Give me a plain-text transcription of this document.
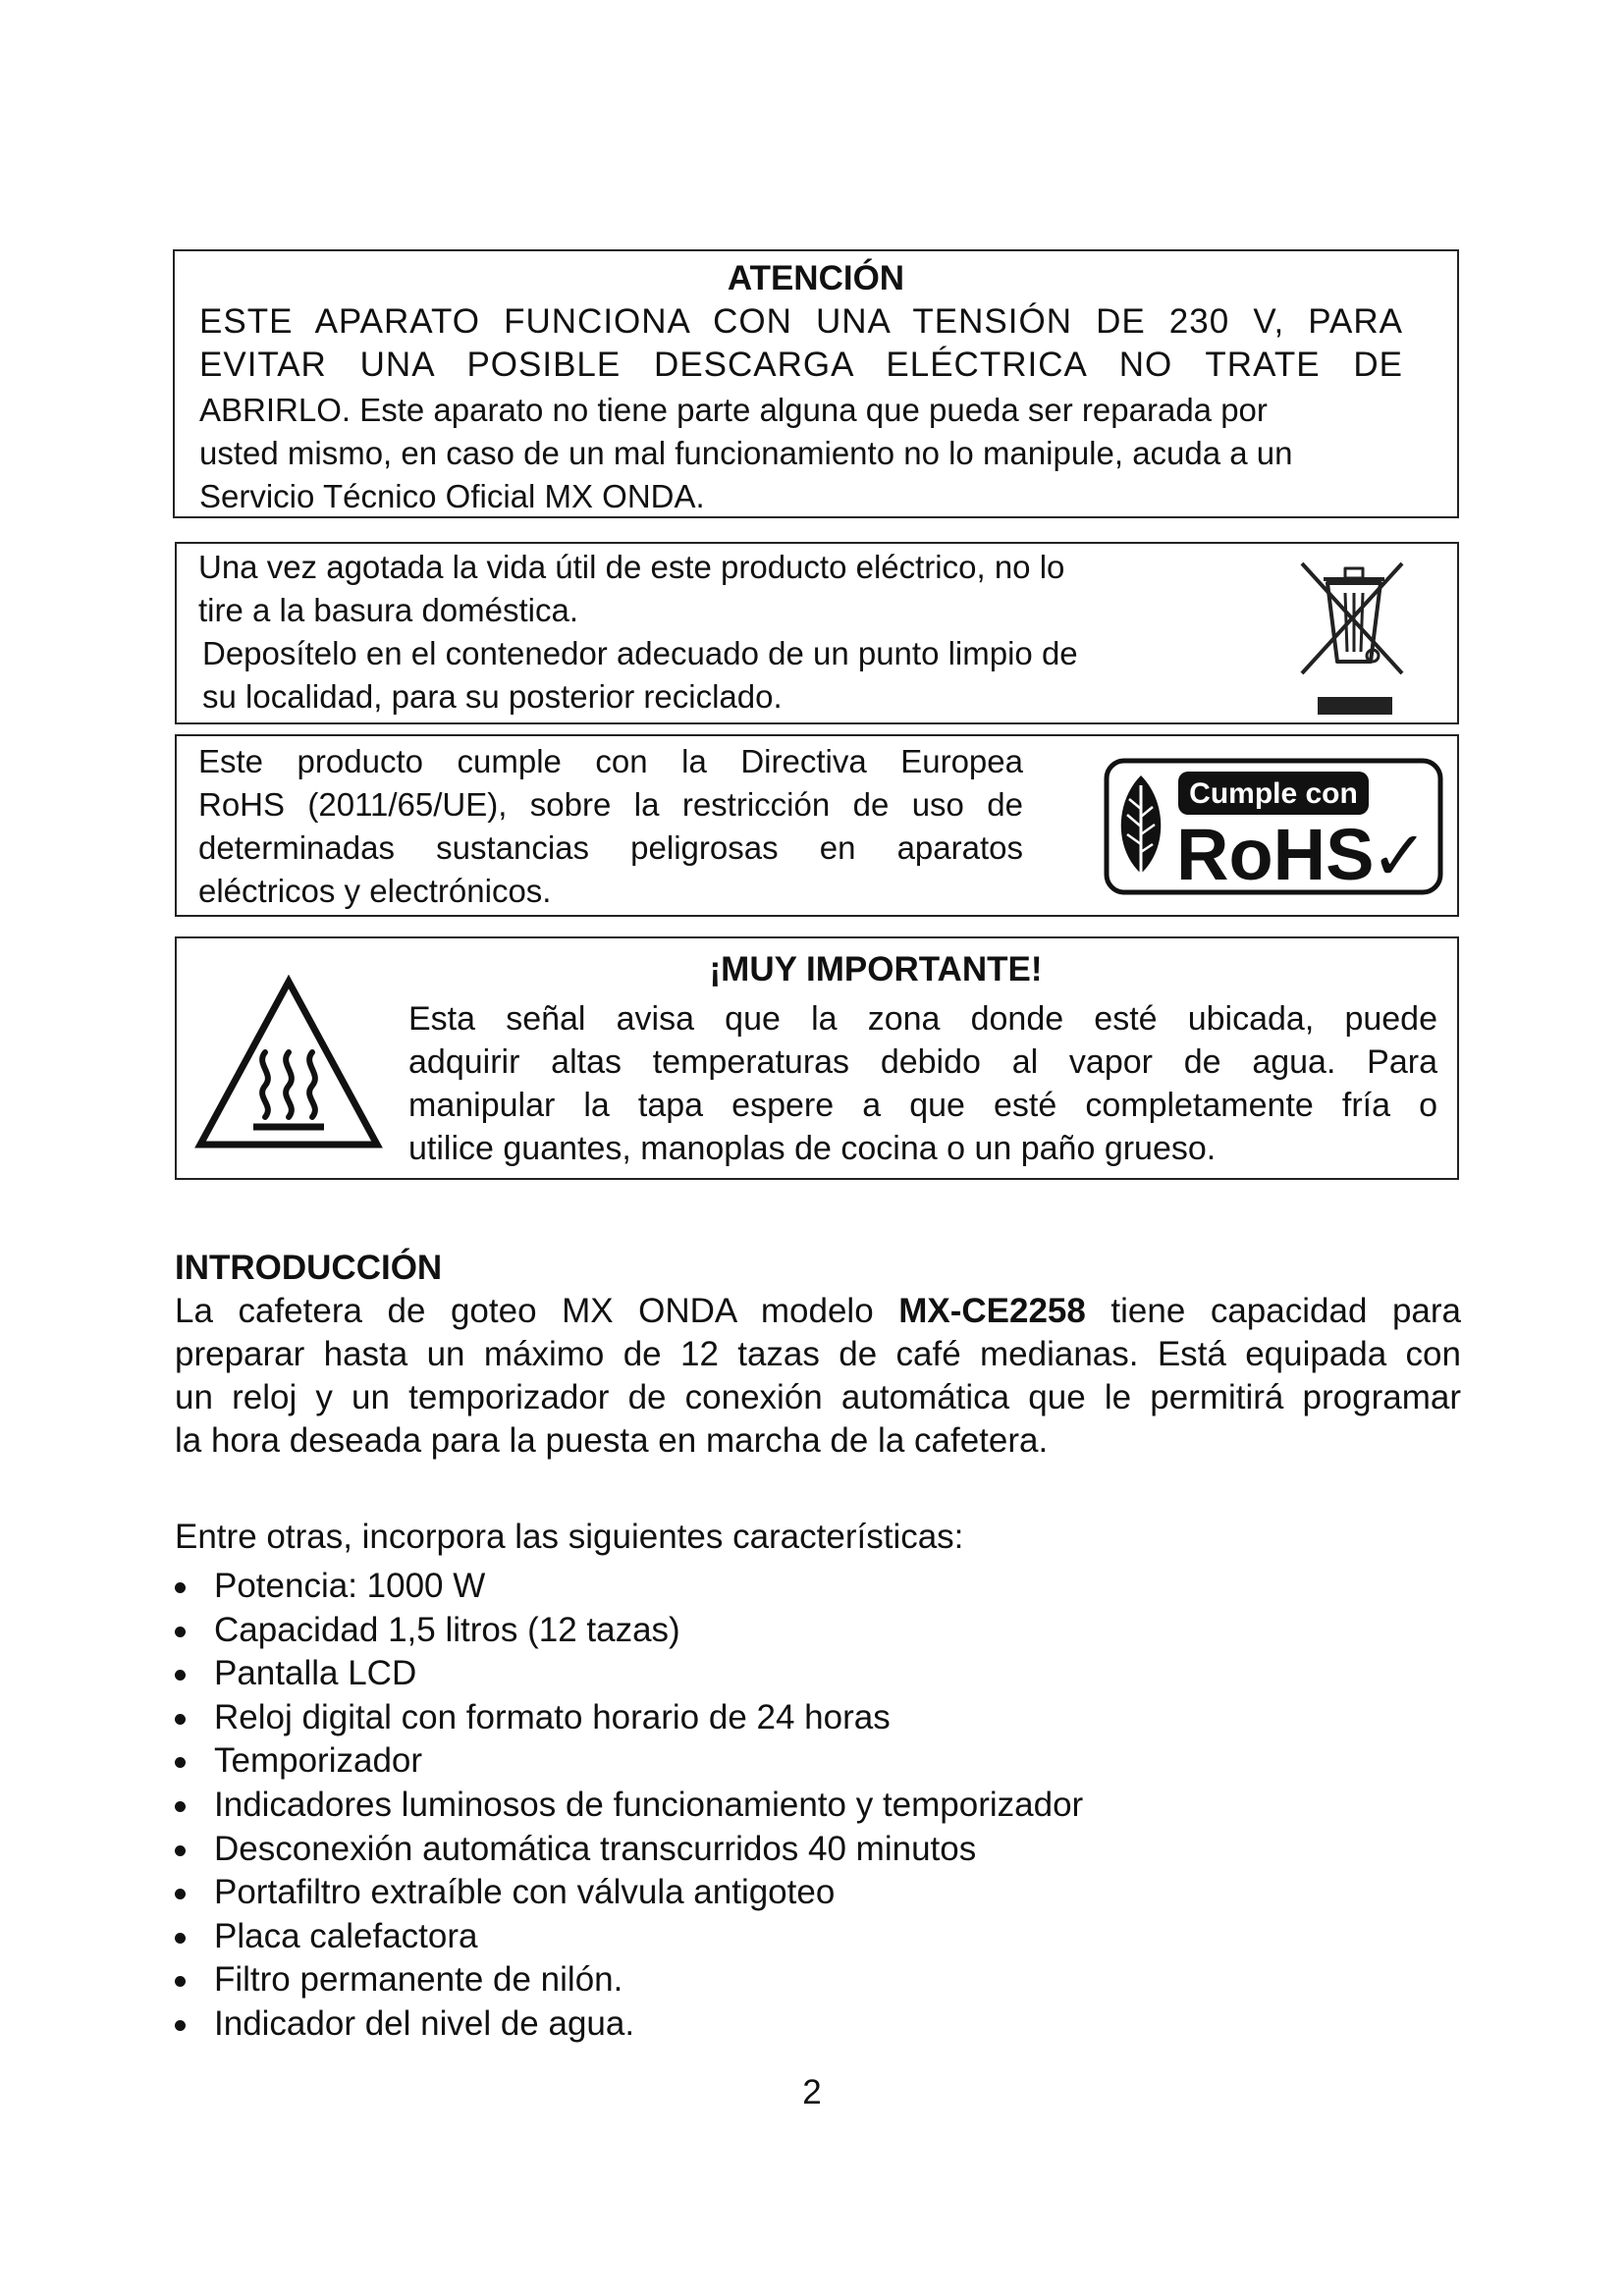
ATENCIÓN
ESTE APARATO FUNCIONA CON UNA TENSIÓN DE 230 V, PARA
EVITAR UNA POSIBLE DESCARGA ELÉCTRICA NO TRATE DE
ABRIRLO. Este aparato no tiene parte alguna que pueda ser reparada por
usted mismo, en caso de un mal funcionamiento no lo manipule, acuda a un
Servicio Técnico Oficial MX ONDA.
Una vez agotada la vida útil de este producto eléctrico, no lo
tire a la basura doméstica.
Deposítelo en el contenedor adecuado de un punto limpio de
su localidad, para su posterior reciclado.
Este producto cumple con la Directiva Europea
RoHS (2011/65/UE), sobre la restricción de uso de
determinadas sustancias peligrosas en aparatos
eléctricos y electrónicos.
Cumple con
RoHS
✓
¡MUY IMPORTANTE!
Esta señal avisa que la zona donde esté ubicada, puede
adquirir altas temperaturas debido al vapor de agua. Para
manipular la tapa espere a que esté completamente fría o
utilice guantes, manoplas de cocina o un paño grueso.
INTRODUCCIÓN
La cafetera de goteo MX ONDA modelo MX-CE2258 tiene capacidad para
preparar hasta un máximo de 12 tazas de café medianas. Está equipada con
un reloj y un temporizador de conexión automática que le permitirá programar
la hora deseada para la puesta en marcha de la cafetera.
Entre otras, incorpora las siguientes características:
Potencia: 1000 W
Capacidad 1,5 litros (12 tazas)
Pantalla LCD
Reloj digital con formato horario de 24 horas
Temporizador
Indicadores luminosos de funcionamiento y temporizador
Desconexión automática transcurridos 40 minutos
Portafiltro extraíble con válvula antigoteo
Placa calefactora
Filtro permanente de nilón.
Indicador del nivel de agua.
2
